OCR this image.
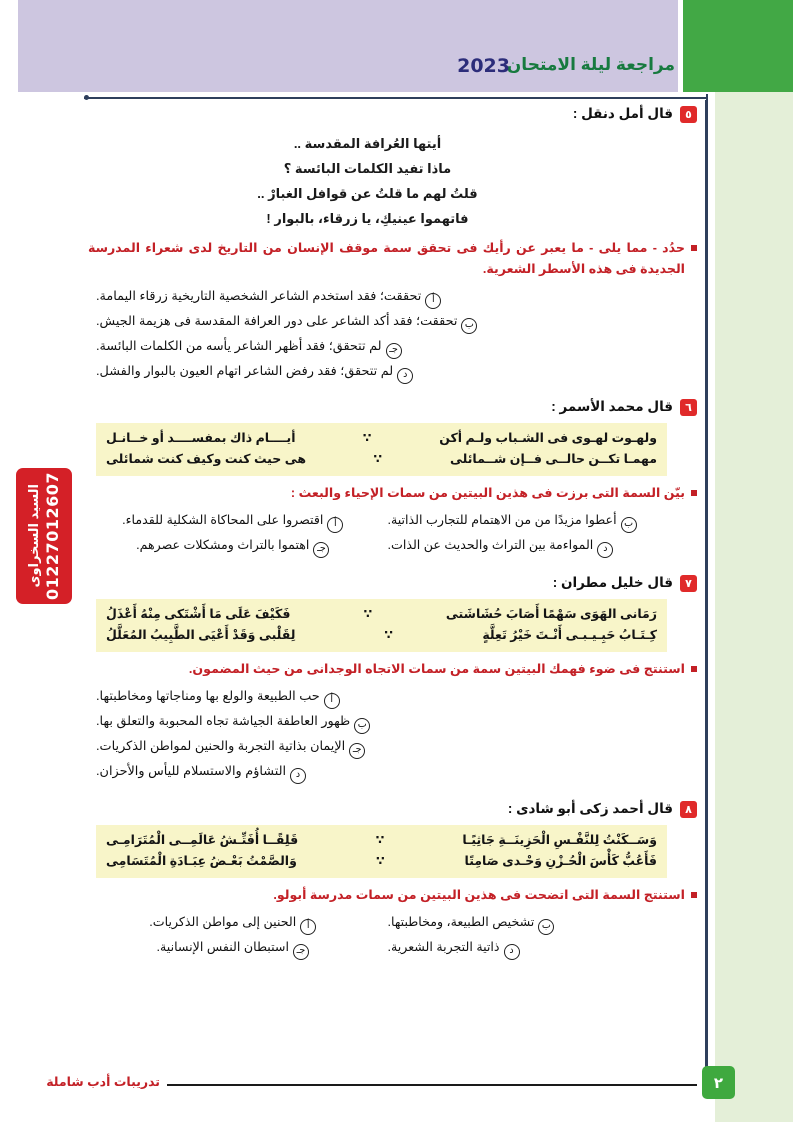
مراجعة ليلة الامتحان
2023
01227012607
السيد السخراوى
٥
قال أمل دنقل :
أيتها العُرافة المقدسة ..
ماذا تفيد الكلمات البائسة ؟
قلتُ لهم ما قلتُ عن قوافل الغبارْ ..
فاتهموا عينيكِ، يا زرقاء، بالبوار !
حدُد - مما يلى - ما يعبر عن رأيك فى تحقق سمة موقف الإنسان من التاريخ لدى شعراء المدرسة الجديدة فى هذه الأسطر الشعرية.
أتحققت؛ فقد استخدم الشاعر الشخصية التاريخية زرقاء اليمامة.
بتحققت؛ فقد أكد الشاعر على دور العرافة المقدسة فى هزيمة الجيش.
جـلم تتحقق؛ فقد أظهر الشاعر يأسه من الكلمات البائسة.
دلم تتحقق؛ فقد رفض الشاعر اتهام العيون بالبوار والفشل.
٦
قال محمد الأسمر :
ولهـوت لهـوى فى الشـباب ولـم أكن
∵
أيــــام ذاك بمفســــد أو خــانـل
مهمـا تكــن حالــى فــإن شــمائلى
∵
هى حيث كنت وكيف كنت شمائلى
بيّن السمة التى برزت فى هذين البيتين من سمات الإحياء والبعث :
بأعطوا مزيدًا من من الاهتمام للتجارب الذاتية.
أاقتصروا على المحاكاة الشكلية للقدماء.
دالمواءمة بين التراث والحديث عن الذات.
جـاهتموا بالتراث ومشكلات عصرهم.
٧
قال خليل مطران :
رَمَانى الهَوَى سَهْمًا أَصَابَ حُشَاشَتى
∵
فَكَيْفَ عَلَى مَا أَشْتَكى مِنْهُ أَعْذَلُ
كِـتَـابُ حَبِـيـبـى أَنْـتَ خَيْرُ تَعِلَّةٍ
∵
لِقَلْبى وَقَدْ أَعْيَى الطَّبِيبُ المُعَلَّلُ
استنتج فى ضوء فهمك البيتين سمة من سمات الاتجاه الوجدانى من حيث المضمون.
أحب الطبيعة والولع بها ومناجاتها ومخاطبتها.
بظهور العاطفة الجياشة تجاه المحبوبة والتعلق بها.
جـالإيمان بذاتية التجربة والحنين لمواطن الذكريات.
دالتشاؤم والاستسلام لليأس والأحزان.
٨
قال أحمد زكى أبو شادى :
وَسَــكَنْتُ لِلنَّفْـسِ الْحَزِينَــةِ جَاثِيًـا
∵
قَلِقًــا أُفَتِّـشُ عَالَمِــى الْمُتَرَامِـى
فَأَعُبُّ كَأْسَ الْحُـزْنِ وَحْـدى صَامِتًا
∵
وَالصَّمْتُ بَعْـضُ عِبَـادَةِ الْمُتَسَامِى
استنتج السمة التى اتضحت فى هذين البيتين من سمات مدرسة أبولو.
بتشخيص الطبيعة، ومخاطبتها.
أالحنين إلى مواطن الذكريات.
دذاتية التجربة الشعرية.
جـاستبطان النفس الإنسانية.
تدريبات أدب شاملة	٢
